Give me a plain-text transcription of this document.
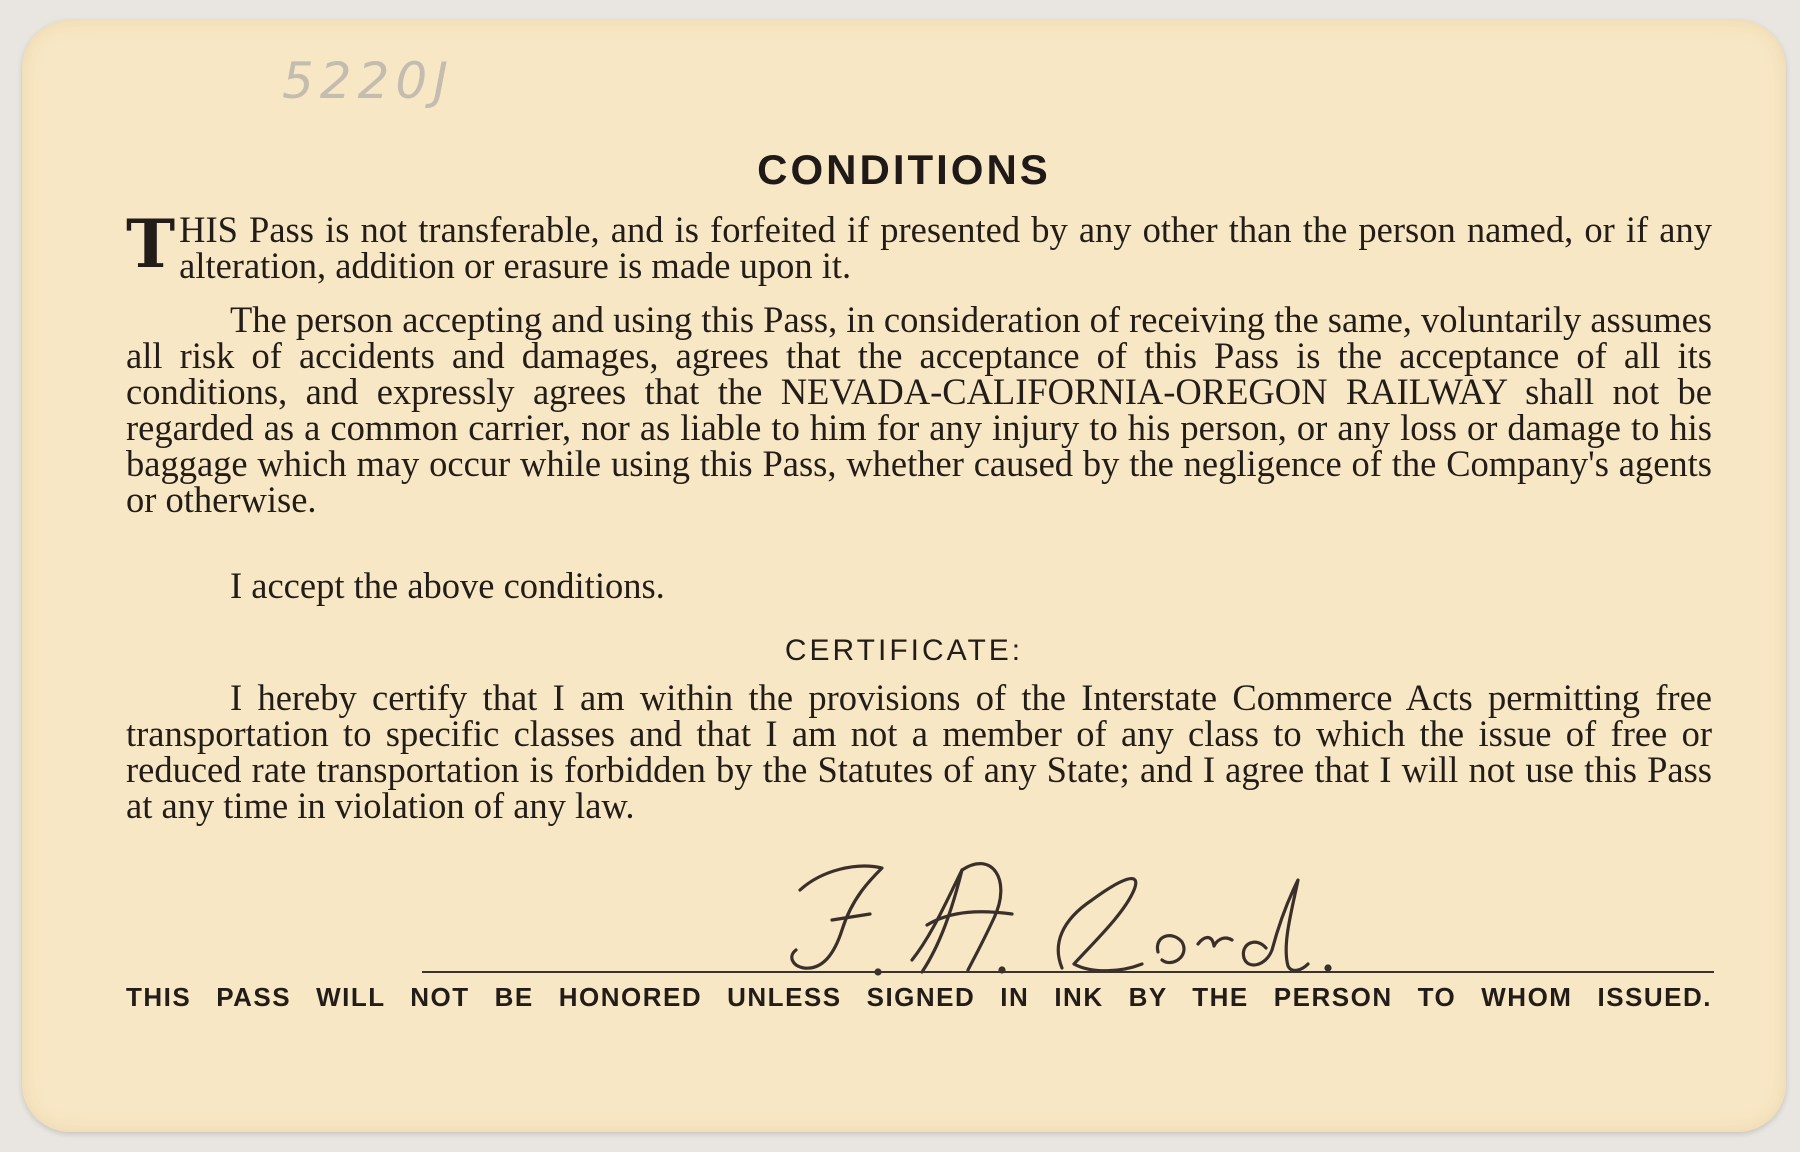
5220J
CONDITIONS
T HIS Pass is not transferable, and is forfeited if presented by any other than the person named, or if any alteration, addition or erasure is made upon it.
The person accepting and using this Pass, in consideration of receiving the same, voluntarily assumes all risk of accidents and damages, agrees that the acceptance of this Pass is the acceptance of all its conditions, and expressly agrees that the NEVADA-CALIFORNIA-OREGON RAILWAY shall not be regarded as a common carrier, nor as liable to him for any injury to his person, or any loss or damage to his baggage which may occur while using this Pass, whether caused by the negligence of the Company's agents or otherwise.
I accept the above conditions.
CERTIFICATE:
I hereby certify that I am within the provisions of the Interstate Commerce Acts permitting free transportation to specific classes and that I am not a member of any class to which the issue of free or reduced rate transportation is forbidden by the Statutes of any State; and I agree that I will not use this Pass at any time in violation of any law.
THIS PASS WILL NOT BE HONORED UNLESS SIGNED IN INK BY THE PERSON TO WHOM ISSUED.
